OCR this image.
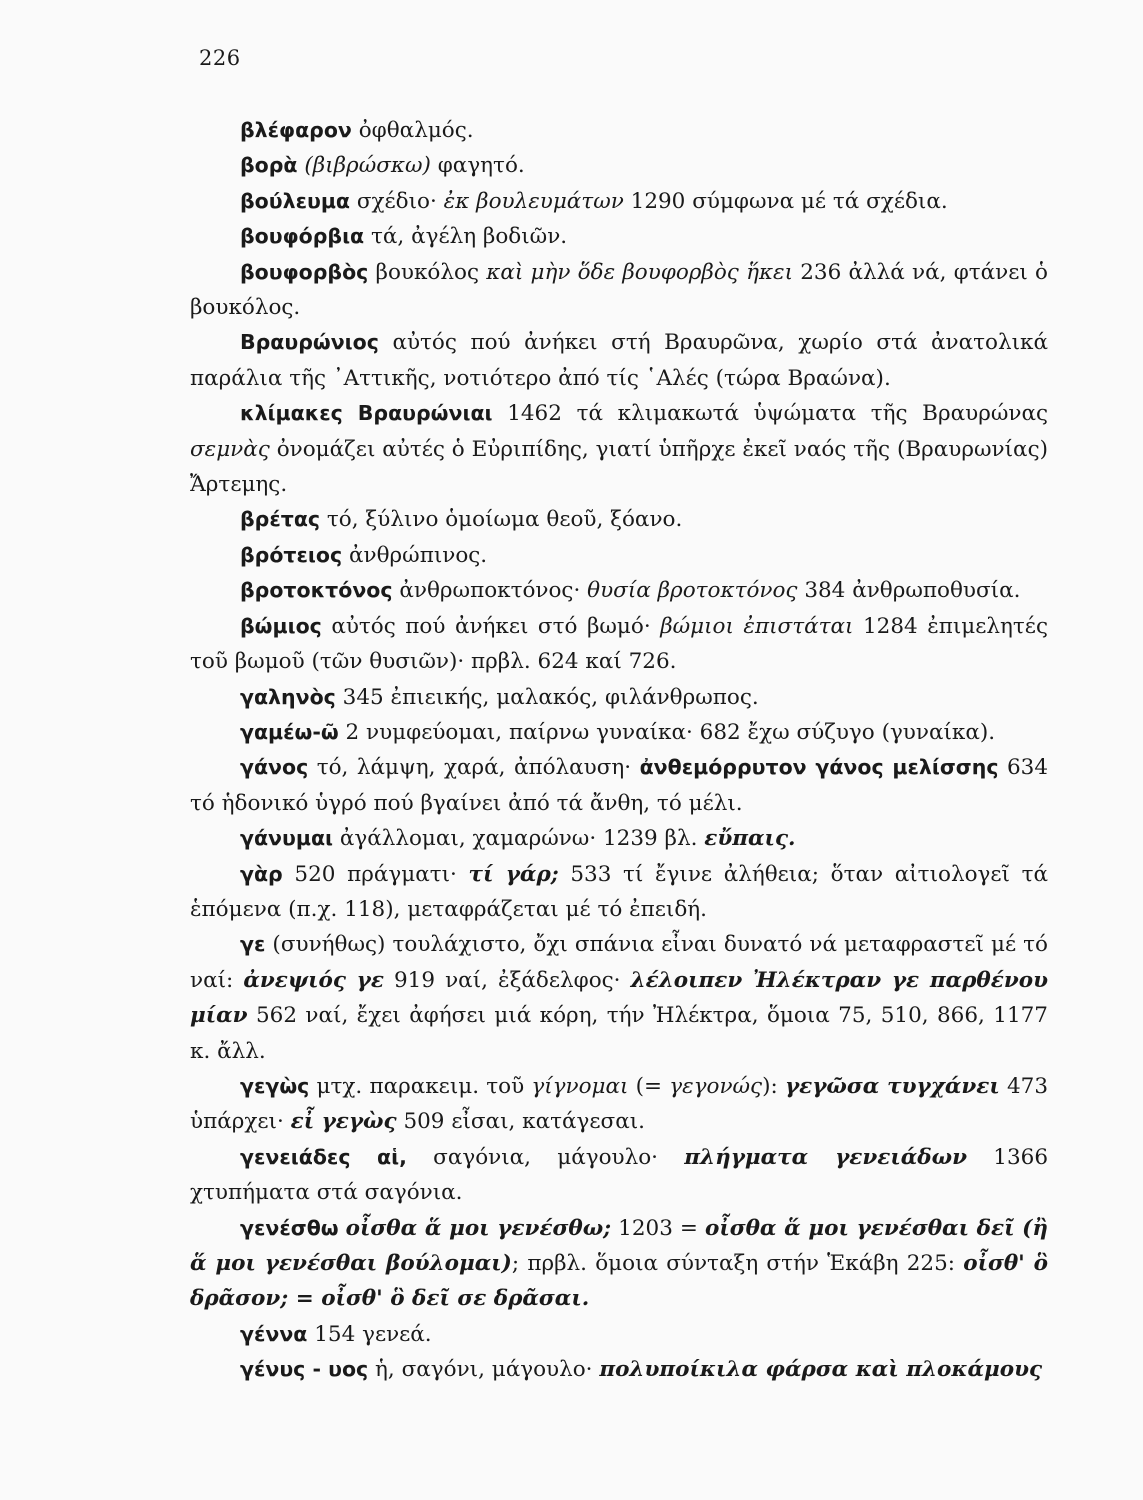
226

βλέφαρον ὀφθαλμός.

βορὰ (βιβρώσκω) φαγητό.

βούλευμα σχέδιο· ἐκ βουλευμάτων 1290 σύμφωνα μέ τά σχέδια.

βουφόρβια τά, ἀγέλη βοδιῶν.

βουφορβὸς βουκόλος καὶ μὴν ὅδε βουφορβὸς ἥκει 236 ἀλλά νά, φτάνει ὁ βουκόλος.

Βραυρώνιος αὐτός πού ἀνήκει στή Βραυρῶνα, χωρίο στά ἀνατολικά παράλια τῆς ᾿Αττικῆς, νοτιότερο ἀπό τίς ῾Αλές (τώρα Βραώνα).

κλίμακες Βραυρώνιαι 1462 τά κλιμακωτά ὑψώματα τῆς Βραυρώνας σεμνὰς ὀνομάζει αὐτές ὁ Εὐριπίδης, γιατί ὑπῆρχε ἐκεῖ ναός τῆς (Βραυρωνίας) Ἄρτεμης.

βρέτας τό, ξύλινο ὁμοίωμα θεοῦ, ξόανο.

βρότειος ἀνθρώπινος.

βροτοκτόνος ἀνθρωποκτόνος· θυσία βροτοκτόνος 384 ἀνθρωποθυσία.

βώμιος αὐτός πού ἀνήκει στό βωμό· βώμιοι ἐπιστάται 1284 ἐπιμελητές τοῦ βωμοῦ (τῶν θυσιῶν)· πρβλ. 624 καί 726.

γαληνὸς 345 ἐπιεικής, μαλακός, φιλάνθρωπος.

γαμέω-ῶ 2 νυμφεύομαι, παίρνω γυναίκα· 682 ἔχω σύζυγο (γυναίκα).

γάνος τό, λάμψη, χαρά, ἀπόλαυση· ἀνθεμόρρυτον γάνος μελίσσης 634 τό ἡδονικό ὑγρό πού βγαίνει ἀπό τά ἄνθη, τό μέλι.

γάνυμαι ἀγάλλομαι, χαμαρώνω· 1239 βλ. εὔπαις.

γὰρ 520 πράγματι· τί γάρ; 533 τί ἔγινε ἀλήθεια; ὅταν αἰτιολογεῖ τά ἑπόμενα (π.χ. 118), μεταφράζεται μέ τό ἐπειδή.

γε (συνήθως) τουλάχιστο, ὄχι σπάνια εἶναι δυνατό νά μεταφραστεῖ μέ τό ναί: ἀνεψιός γε 919 ναί, ἐξάδελφος· λέλοιπεν Ἠλέκτραν γε παρθένου μίαν 562 ναί, ἔχει ἀφήσει μιά κόρη, τήν Ἠλέκτρα, ὅμοια 75, 510, 866, 1177 κ. ἄλλ.

γεγὼς μτχ. παρακειμ. τοῦ γίγνομαι (= γεγονώς): γεγῶσα τυγχάνει 473 ὑπάρχει· εἶ γεγὼς 509 εἶσαι, κατάγεσαι.

γενειάδες αἱ, σαγόνια, μάγουλο· πλήγματα γενειάδων 1366 χτυπήματα στά σαγόνια.

γενέσθω οἶσθα ἅ μοι γενέσθω; 1203 = οἶσθα ἅ μοι γενέσθαι δεῖ (ἢ ἅ μοι γενέσθαι βούλομαι); πρβλ. ὅμοια σύνταξη στήν Ἑκάβη 225: οἶσθ' ὃ δρᾶσον; = οἶσθ' ὃ δεῖ σε δρᾶσαι.

γέννα 154 γενεά.

γένυς - υος ἡ, σαγόνι, μάγουλο· πολυποίκιλα φάρσα καὶ πλοκάμους
